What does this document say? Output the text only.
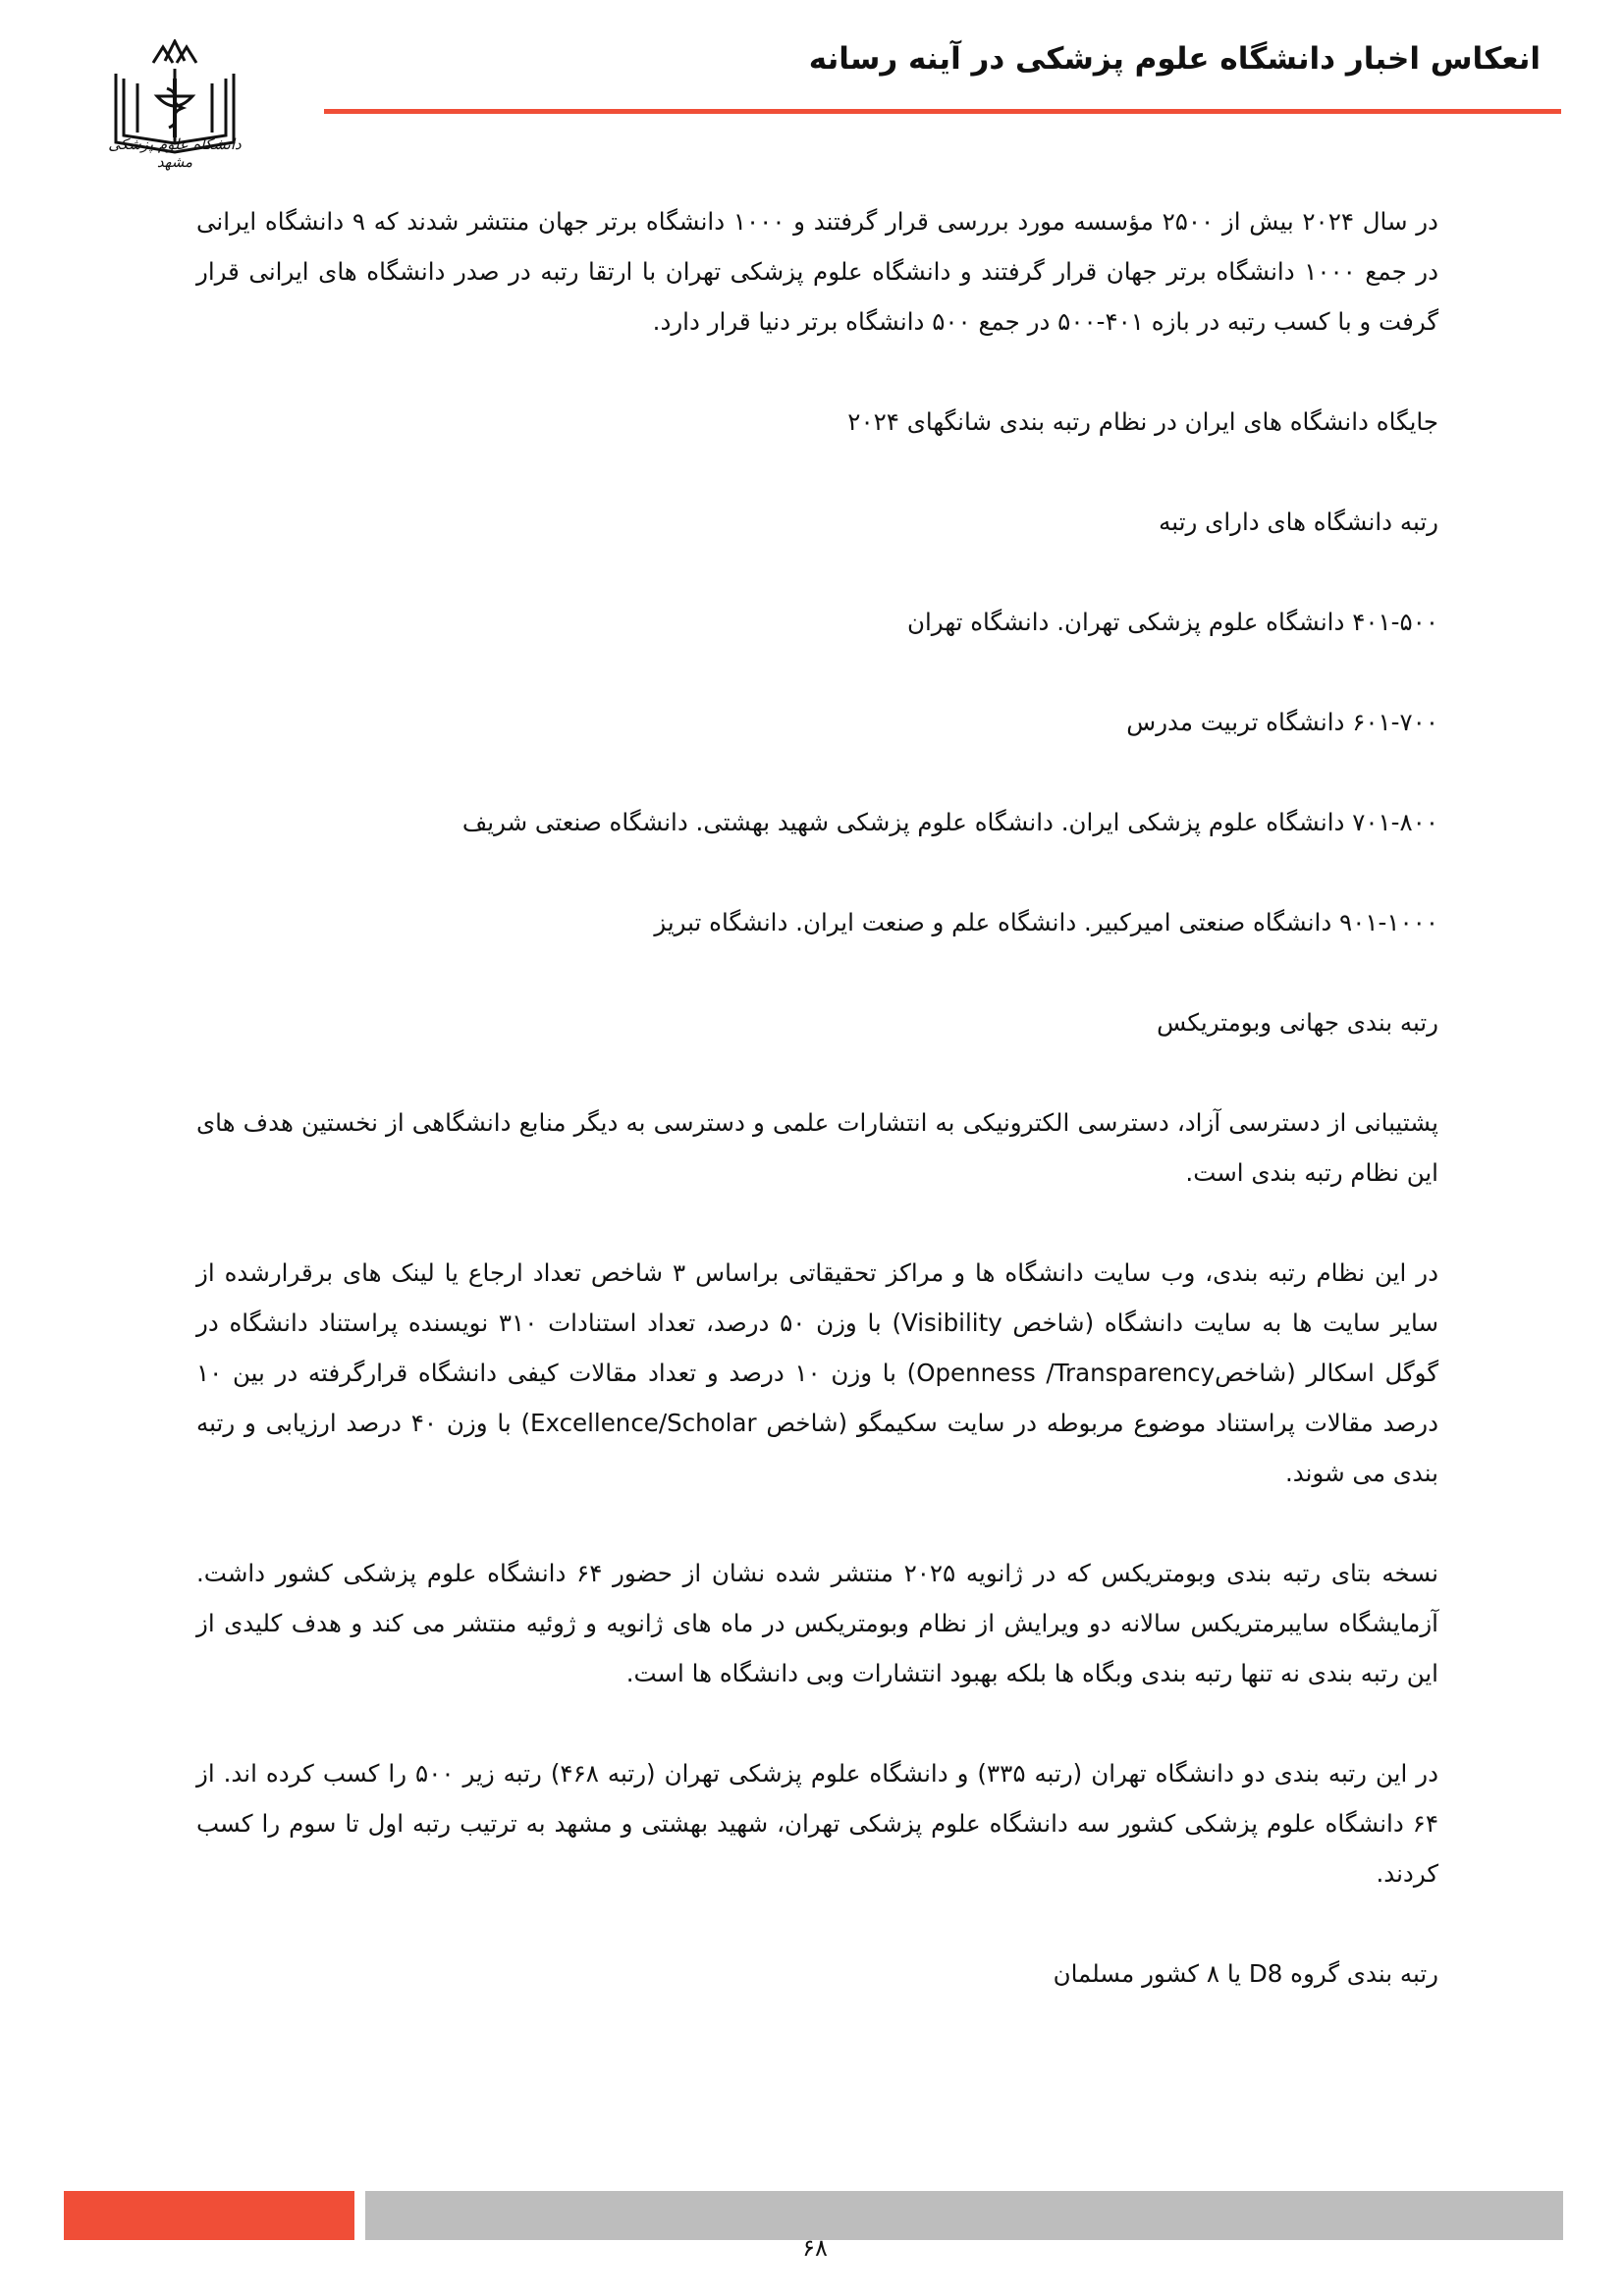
انعکاس اخبار دانشگاه علوم پزشکی در آینه رسانه
دانشگاه علوم پزشکی مشهد

در سال ۲۰۲۴ بیش از ۲۵۰۰ مؤسسه مورد بررسی قرار گرفتند و ۱۰۰۰ دانشگاه برتر جهان منتشر شدند که ۹ دانشگاه ایرانی در جمع ۱۰۰۰ دانشگاه برتر جهان قرار گرفتند و دانشگاه علوم پزشکی تهران با ارتقا رتبه در صدر دانشگاه های ایرانی قرار گرفت و با کسب رتبه در بازه ۴۰۱-۵۰۰ در جمع ۵۰۰ دانشگاه برتر دنیا قرار دارد.

جایگاه دانشگاه های ایران در نظام رتبه بندی شانگهای ۲۰۲۴

رتبه دانشگاه های دارای رتبه

۴۰۱-۵۰۰ دانشگاه علوم پزشکی تهران. دانشگاه تهران

۶۰۱-۷۰۰ دانشگاه تربیت مدرس

۷۰۱-۸۰۰ دانشگاه علوم پزشکی ایران. دانشگاه علوم پزشکی شهید بهشتی. دانشگاه صنعتی شریف

۹۰۱-۱۰۰۰ دانشگاه صنعتی امیرکبیر. دانشگاه علم و صنعت ایران. دانشگاه تبریز

رتبه بندی جهانی وبومتریکس

پشتیبانی از دسترسی آزاد، دسترسی الکترونیکی به انتشارات علمی و دسترسی به دیگر منابع دانشگاهی از نخستین هدف های این نظام رتبه بندی است.

در این نظام رتبه بندی، وب سایت دانشگاه ها و مراکز تحقیقاتی براساس ۳ شاخص تعداد ارجاع یا لینک های برقرارشده از سایر سایت ها به سایت دانشگاه (شاخص Visibility) با وزن ۵۰ درصد، تعداد استنادات ۳۱۰ نویسنده پراستناد دانشگاه در گوگل اسکالر (شاخصOpenness /Transparency) با وزن ۱۰ درصد و تعداد مقالات کیفی دانشگاه قرارگرفته در بین ۱۰ درصد مقالات پراستناد موضوع مربوطه در سایت سکیمگو (شاخص Excellence/Scholar) با وزن ۴۰ درصد ارزیابی و رتبه بندی می شوند.

نسخه بتای رتبه بندی وبومتریکس که در ژانویه ۲۰۲۵ منتشر شده نشان از حضور ۶۴ دانشگاه علوم پزشکی کشور داشت. آزمایشگاه سایبرمتریکس سالانه دو ویرایش از نظام وبومتریکس در ماه های ژانویه و ژوئیه منتشر می کند و هدف کلیدی از این رتبه بندی نه تنها رتبه بندی وبگاه ها بلکه بهبود انتشارات وبی دانشگاه ها است.

در این رتبه بندی دو دانشگاه تهران (رتبه ۳۳۵) و دانشگاه علوم پزشکی تهران (رتبه ۴۶۸) رتبه زیر ۵۰۰ را کسب کرده اند. از ۶۴ دانشگاه علوم پزشکی کشور سه دانشگاه علوم پزشکی تهران، شهید بهشتی و مشهد به ترتیب رتبه اول تا سوم را کسب کردند.

رتبه بندی گروه D8 یا ۸ کشور مسلمان

۶۸
